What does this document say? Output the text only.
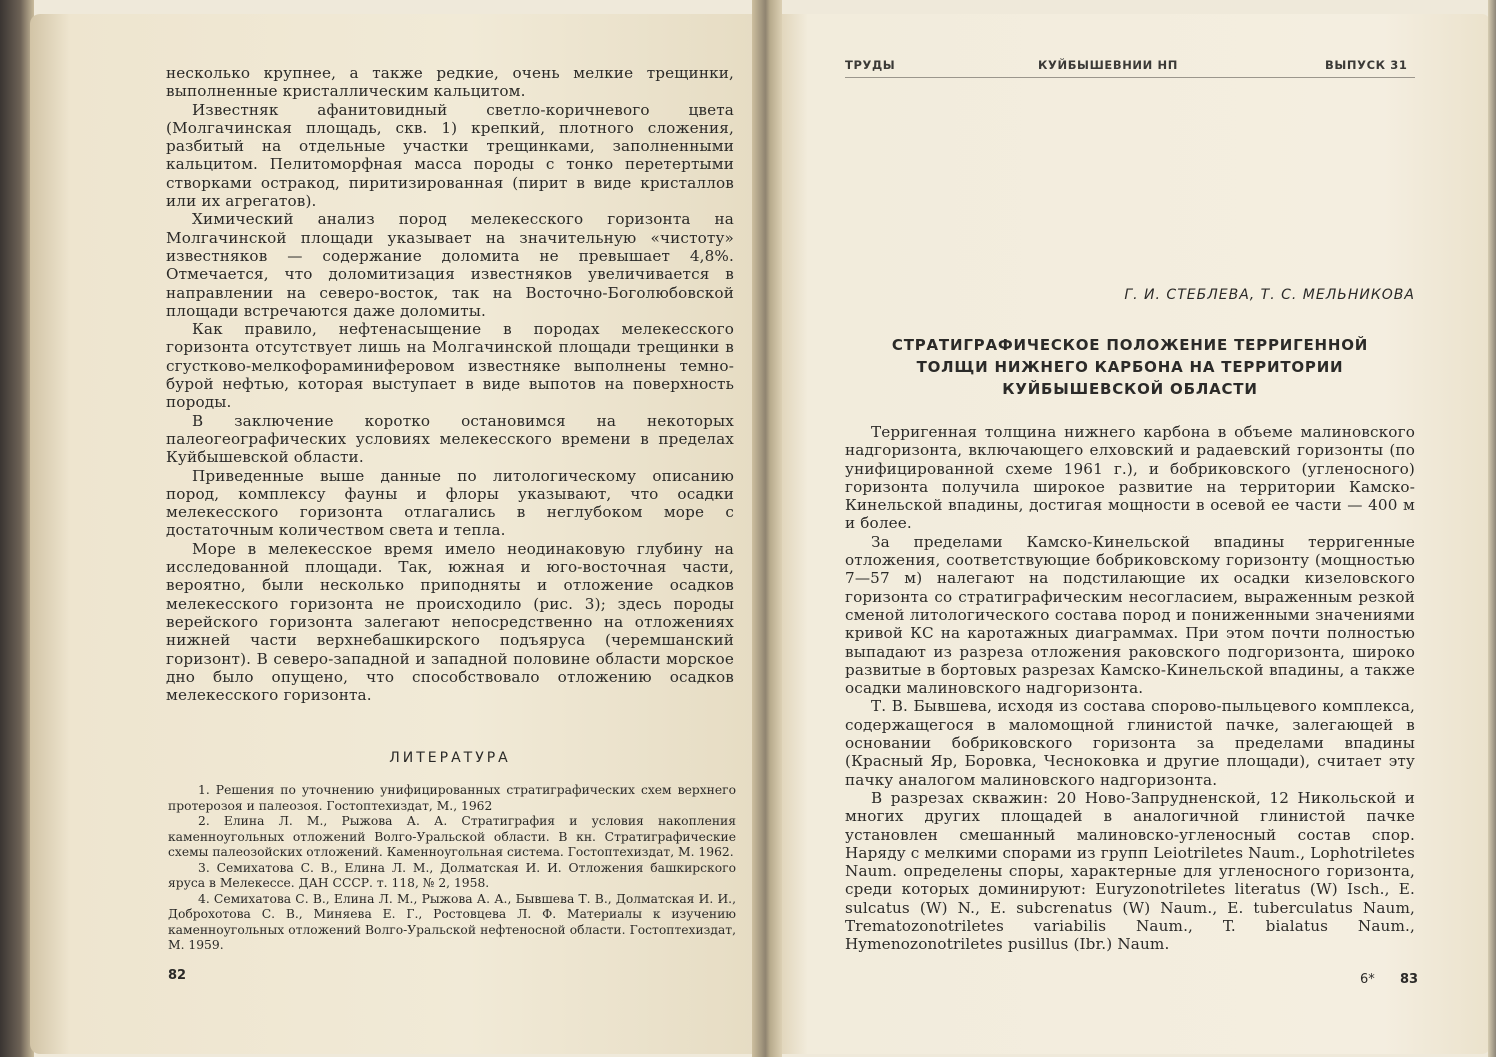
несколько крупнее, а также редкие, очень мелкие трещинки, выполненные кристаллическим кальцитом.

Известняк афанитовидный светло-коричневого цвета (Молгачинская площадь, скв. 1) крепкий, плотного сложения, разбитый на отдельные участки трещинками, заполненными кальцитом. Пелитоморфная масса породы с тонко перетертыми створками остракод, пиритизированная (пирит в виде кристаллов или их агрегатов).

Химический анализ пород мелекесского горизонта на Молгачинской площади указывает на значительную «чистоту» известняков — содержание доломита не превышает 4,8%. Отмечается, что доломитизация известняков увеличивается в направлении на северо-восток, так на Восточно-Боголюбовской площади встречаются даже доломиты.

Как правило, нефтенасыщение в породах мелекесского горизонта отсутствует лишь на Молгачинской площади трещинки в сгустково-мелкофораминиферовом известняке выполнены темно-бурой нефтью, которая выступает в виде выпотов на поверхность породы.

В заключение коротко остановимся на некоторых палеогеографических условиях мелекесского времени в пределах Куйбышевской области.

Приведенные выше данные по литологическому описанию пород, комплексу фауны и флоры указывают, что осадки мелекесского горизонта отлагались в неглубоком море с достаточным количеством света и тепла.

Море в мелекесское время имело неодинаковую глубину на исследованной площади. Так, южная и юго-восточная части, вероятно, были несколько приподняты и отложение осадков мелекесского горизонта не происходило (рис. 3); здесь породы верейского горизонта залегают непосредственно на отложениях нижней части верхнебашкирского подъяруса (черемшанский горизонт). В северо-западной и западной половине области морское дно было опущено, что способствовало отложению осадков мелекесского горизонта.

ЛИТЕРАТУРА

1. Решения по уточнению унифицированных стратиграфических схем верхнего протерозоя и палеозоя. Гостоптехиздат, М., 1962

2. Елина Л. М., Рыжова А. А. Стратиграфия и условия накопления каменноугольных отложений Волго-Уральской области. В кн. Стратиграфические схемы палеозойских отложений. Каменноугольная система. Гостоптехиздат, М. 1962.

3. Семихатова С. В., Елина Л. М., Долматская И. И. Отложения башкирского яруса в Мелекессе. ДАН СССР. т. 118, № 2, 1958.

4. Семихатова С. В., Елина Л. М., Рыжова А. А., Бывшева Т. В., Долматская И. И., Доброхотова С. В., Миняева Е. Г., Ростовцева Л. Ф. Материалы к изучению каменноугольных отложений Волго-Уральской нефтеносной области. Гостоптехиздат, М. 1959.

82
ТРУДЫ	КУЙБЫШЕВНИИ НП	ВЫПУСК 31
Г. И. СТЕБЛЕВА, Т. С. МЕЛЬНИКОВА
СТРАТИГРАФИЧЕСКОЕ ПОЛОЖЕНИЕ ТЕРРИГЕННОЙ
ТОЛЩИ НИЖНЕГО КАРБОНА НА ТЕРРИТОРИИ
КУЙБЫШЕВСКОЙ ОБЛАСТИ

Терригенная толщина нижнего карбона в объеме малиновского надгоризонта, включающего елховский и радаевский горизонты (по унифицированной схеме 1961 г.), и бобриковского (угленосного) горизонта получила широкое развитие на территории Камско-Кинельской впадины, достигая мощности в осевой ее части — 400 м и более.

За пределами Камско-Кинельской впадины терригенные отложения, соответствующие бобриковскому горизонту (мощностью 7—57 м) налегают на подстилающие их осадки кизеловского горизонта со стратиграфическим несогласием, выраженным резкой сменой литологического состава пород и пониженными значениями кривой КС на каротажных диаграммах. При этом почти полностью выпадают из разреза отложения раковского подгоризонта, широко развитые в бортовых разрезах Камско-Кинельской впадины, а также осадки малиновского надгоризонта.

Т. В. Бывшева, исходя из состава спорово-пыльцевого комплекса, содержащегося в маломощной глинистой пачке, залегающей в основании бобриковского горизонта за пределами впадины (Красный Яр, Боровка, Чесноковка и другие площади), считает эту пачку аналогом малиновского надгоризонта.

В разрезах скважин: 20 Ново-Запрудненской, 12 Никольской и многих других площадей в аналогичной глинистой пачке установлен смешанный малиновско-угленосный состав спор. Наряду с мелкими спорами из групп Leiotriletes Naum., Lophotriletes Naum. определены споры, характерные для угленосного горизонта, среди которых доминируют: Euryzonotriletes literatus (W) Isch., E. sulcatus (W) N., E. subcrenatus (W) Naum., E. tuberculatus Naum, Trematozonotriletes variabilis Naum., T. bialatus Naum., Hymenozonotriletes pusillus (Ibr.) Naum.

6* 83
